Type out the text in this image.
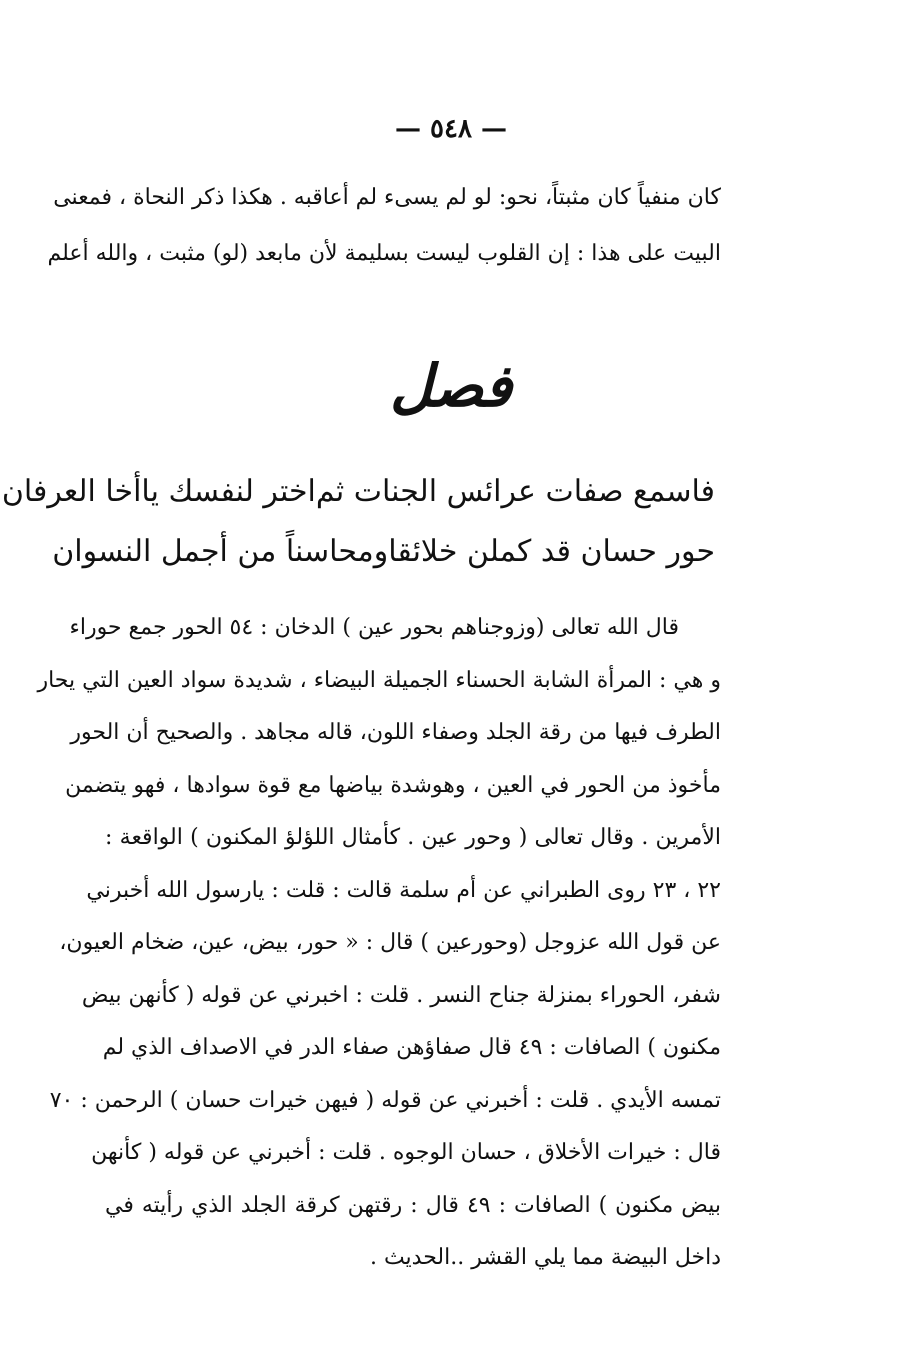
— ٥٤٨ —

كان منفياً كان مثبتاً، نحو: لو لم يسىء لم أعاقبه . هكذا ذكر النحاة ، فمعنى

البيت على هذا : إن القلوب ليست بسليمة لأن مابعد (لو) مثبت ، والله أعلم

فصل
فاسمع صفات عرائس الجنات ثم
اختر لنفسك ياأخا العرفان
حور حسان قد كملن خلائقا
ومحاسناً من أجمل النسوان

قال الله تعالى (وزوجناهم بحور عين ) الدخان : ٥٤ الحور جمع حوراء

و هي : المرأة الشابة الحسناء الجميلة البيضاء ، شديدة سواد العين التي يحار

الطرف فيها من رقة الجلد وصفاء اللون، قاله مجاهد . والصحيح أن الحور

مأخوذ من الحور في العين ، وهوشدة بياضها مع قوة سوادها ، فهو يتضمن

الأمرين . وقال تعالى ( وحور عين . كأمثال اللؤلؤ المكنون ) الواقعة :

٢٢ ، ٢٣ روى الطبراني عن أم سلمة قالت : قلت : يارسول الله أخبرني

عن قول الله عزوجل (وحورعين ) قال : « حور، بيض، عين، ضخام العيون،

شفر، الحوراء بمنزلة جناح النسر . قلت : اخبرني عن قوله ( كأنهن بيض

مكنون ) الصافات : ٤٩ قال صفاؤهن صفاء الدر في الاصداف الذي لم

تمسه الأيدي . قلت : أخبرني عن قوله ( فيهن خيرات حسان ) الرحمن : ٧٠

قال : خيرات الأخلاق ، حسان الوجوه . قلت : أخبرني عن قوله ( كأنهن

بيض مكنون ) الصافات : ٤٩ قال : رقتهن كرقة الجلد الذي رأيته في

داخل البيضة مما يلي القشر ..الحديث .
